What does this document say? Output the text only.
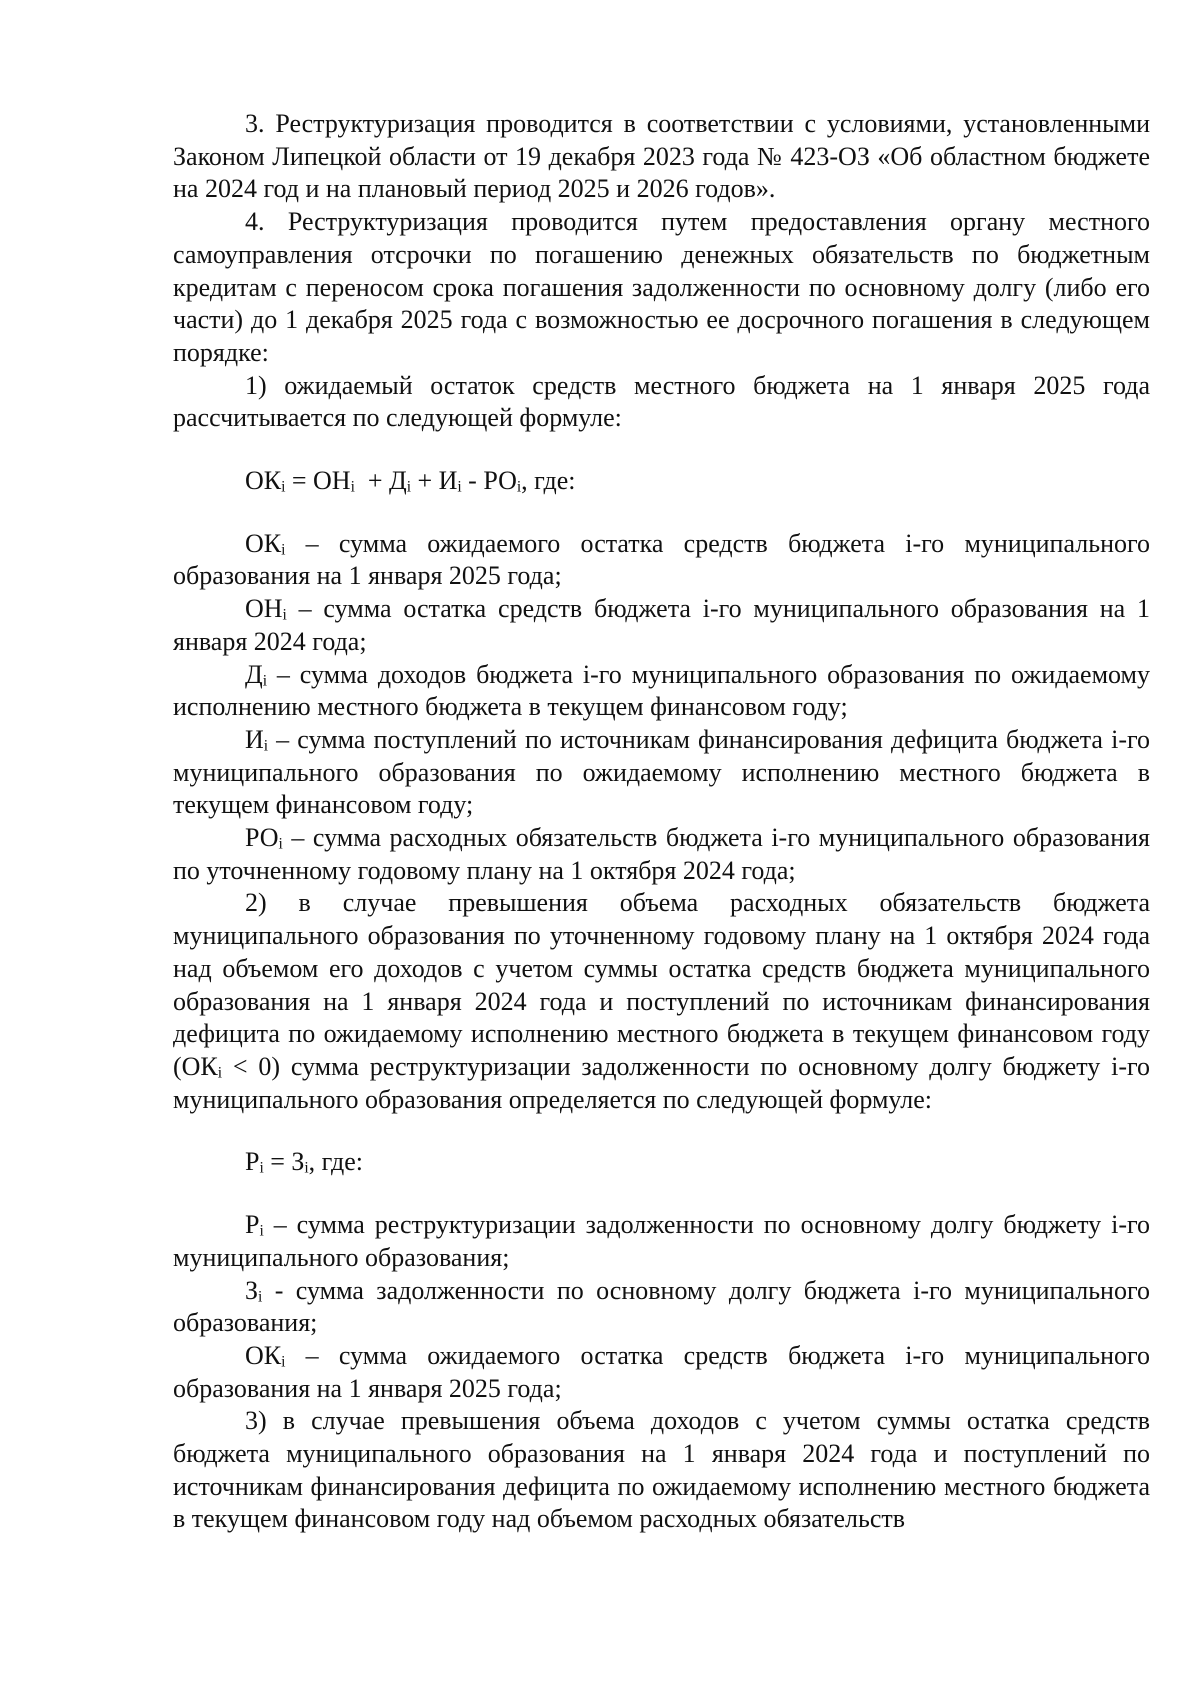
3. Реструктуризация проводится в соответствии с условиями, установленными Законом Липецкой области от 19 декабря 2023 года № 423-ОЗ «Об областном бюджете на 2024 год и на плановый период 2025 и 2026 годов».

4. Реструктуризация проводится путем предоставления органу местного самоуправления отсрочки по погашению денежных обязательств по бюджетным кредитам с переносом срока погашения задолженности по основному долгу (либо его части) до 1 декабря 2025 года с возможностью ее досрочного погашения в следующем порядке:

1) ожидаемый остаток средств местного бюджета на 1 января 2025 года рассчитывается по следующей формуле:

ОКᵢ = ОНᵢ  + Дᵢ + Иᵢ - РОᵢ, где:

ОКᵢ – сумма ожидаемого остатка средств бюджета i-го муниципального образования на 1 января 2025 года;

ОНᵢ – сумма остатка средств бюджета i-го муниципального образования на 1 января 2024 года;

Дᵢ – сумма доходов бюджета i-го муниципального образования по ожидаемому исполнению местного бюджета в текущем финансовом году;

Иᵢ – сумма поступлений по источникам финансирования дефицита бюджета i-го муниципального образования по ожидаемому исполнению местного бюджета в текущем финансовом году;

РОᵢ – сумма расходных обязательств бюджета i-го муниципального образования по уточненному годовому плану на 1 октября 2024 года;

2) в случае превышения объема расходных обязательств бюджета муниципального образования по уточненному годовому плану на 1 октября 2024 года над объемом его доходов с учетом суммы остатка средств бюджета муниципального образования на 1 января 2024 года и поступлений по источникам финансирования дефицита по ожидаемому исполнению местного бюджета в текущем финансовом году (ОКᵢ < 0) сумма реструктуризации задолженности по основному долгу бюджету i-го муниципального образования определяется по следующей формуле:

Рᵢ = Зᵢ, где:

Рᵢ – сумма реструктуризации задолженности по основному долгу бюджету i-го муниципального образования;

Зᵢ - сумма задолженности по основному долгу бюджета i-го муниципального образования;

ОКᵢ – сумма ожидаемого остатка средств бюджета i-го муниципального образования на 1 января 2025 года;

3) в случае превышения объема доходов с учетом суммы остатка средств бюджета муниципального образования на 1 января 2024 года и поступлений по источникам финансирования дефицита по ожидаемому исполнению местного бюджета в текущем финансовом году над объемом расходных обязательств
